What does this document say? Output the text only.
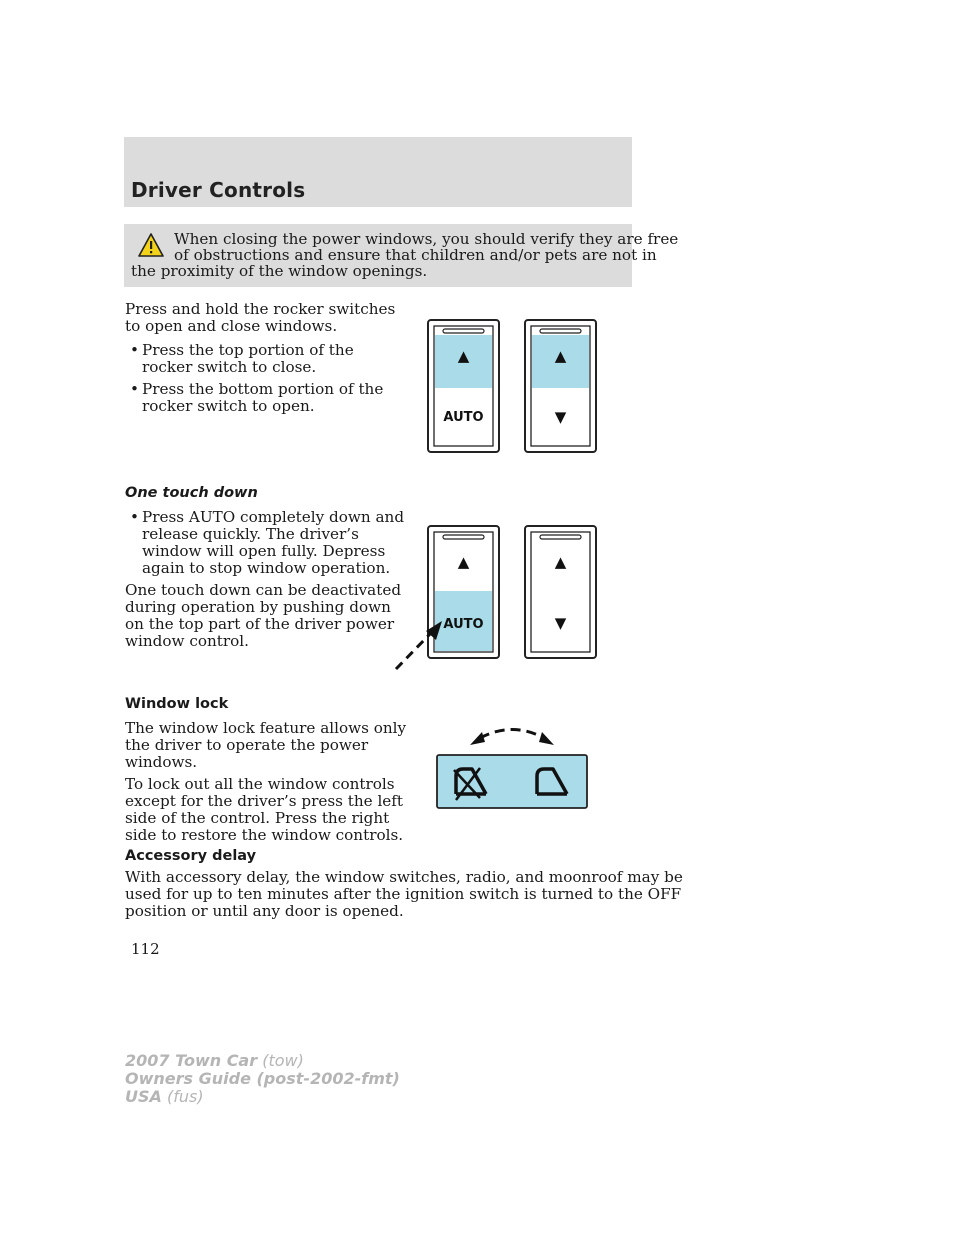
Driver Controls
When closing the power windows, you should verify they are free
of obstructions and ensure that children and/or pets are not in
the proximity of the window openings.
Press and hold the rocker switches
to open and close windows.
• Press the top portion of the
rocker switch to close.
• Press the bottom portion of the
rocker switch to open.
▲
AUTO
▲
▼
One touch down
• Press AUTO completely down and
release quickly. The driver’s
window will open fully. Depress
again to stop window operation.
One touch down can be deactivated
during operation by pushing down
on the top part of the driver power
window control.
▲
AUTO
▲
▼
Window lock
The window lock feature allows only
the driver to operate the power
windows.
To lock out all the window controls
except for the driver’s press the left
side of the control. Press the right
side to restore the window controls.
Accessory delay
With accessory delay, the window switches, radio, and moonroof may be
used for up to ten minutes after the ignition switch is turned to the OFF
position or until any door is opened.
112
2007 Town Car (tow)
Owners Guide (post-2002-fmt)
USA (fus)
